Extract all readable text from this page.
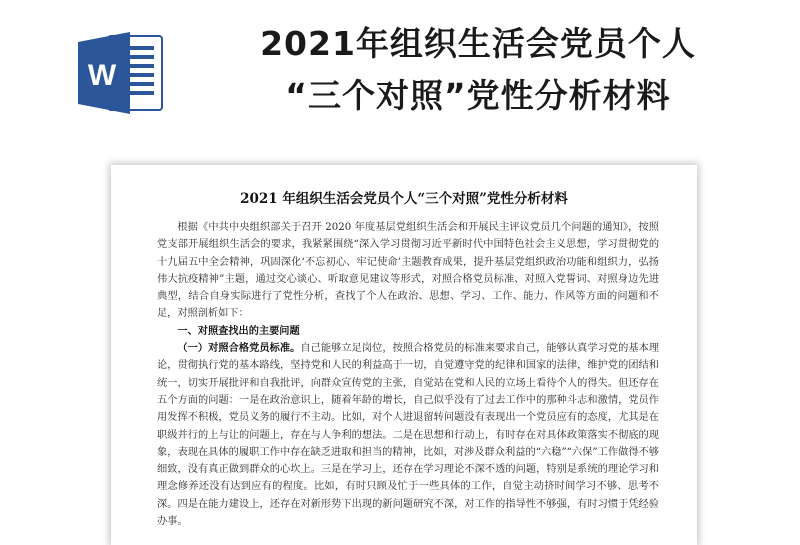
W
2021年组织生活会党员个人
“三个对照”党性分析材料
2021 年组织生活会党员个人“三个对照”党性分析材料

根据《中共中央组织部关于召开 2020 年度基层党组织生活会和开展民主评议党员几个问题的通知》，按照党支部开展组织生活会的要求，我紧紧围绕“深入学习贯彻习近平新时代中国特色社会主义思想，学习贯彻党的十九届五中全会精神，巩固深化‘不忘初心、牢记使命’主题教育成果，提升基层党组织政治功能和组织力，弘扬伟大抗疫精神”主题，通过交心谈心、听取意见建议等形式，对照合格党员标准、对照入党誓词、对照身边先进典型，结合自身实际进行了党性分析，查找了个人在政治、思想、学习、工作、能力、作风等方面的问题和不足，对照剖析如下：

一、对照查找出的主要问题

（一）对照合格党员标准。自己能够立足岗位，按照合格党员的标准来要求自己，能够认真学习党的基本理论，贯彻执行党的基本路线，坚持党和人民的利益高于一切，自觉遵守党的纪律和国家的法律，维护党的团结和统一，切实开展批评和自我批评，向群众宣传党的主张，自觉站在党和人民的立场上看待个人的得失。但还存在五个方面的问题：一是在政治意识上，随着年龄的增长，自己似乎没有了过去工作中的那种斗志和激情，党员作用发挥不积极，党员义务的履行不主动。比如，对个人进退留转问题没有表现出一个党员应有的态度，尤其是在职级并行的上与让的问题上，存在与人争利的想法。二是在思想和行动上，有时存在对具体政策落实不彻底的现象，表现在具体的履职工作中存在缺乏进取和担当的精神，比如，对涉及群众利益的“六稳”“六保”工作做得不够细致，没有真正做到群众的心坎上。三是在学习上，还存在学习理论不深不透的问题，特别是系统的理论学习和理念修养还没有达到应有的程度。比如，有时只顾及忙于一些具体的工作，自觉主动挤时间学习不够、思考不深。四是在能力建设上，还存在对新形势下出现的新问题研究不深，对工作的指导性不够强，有时习惯于凭经验办事。
